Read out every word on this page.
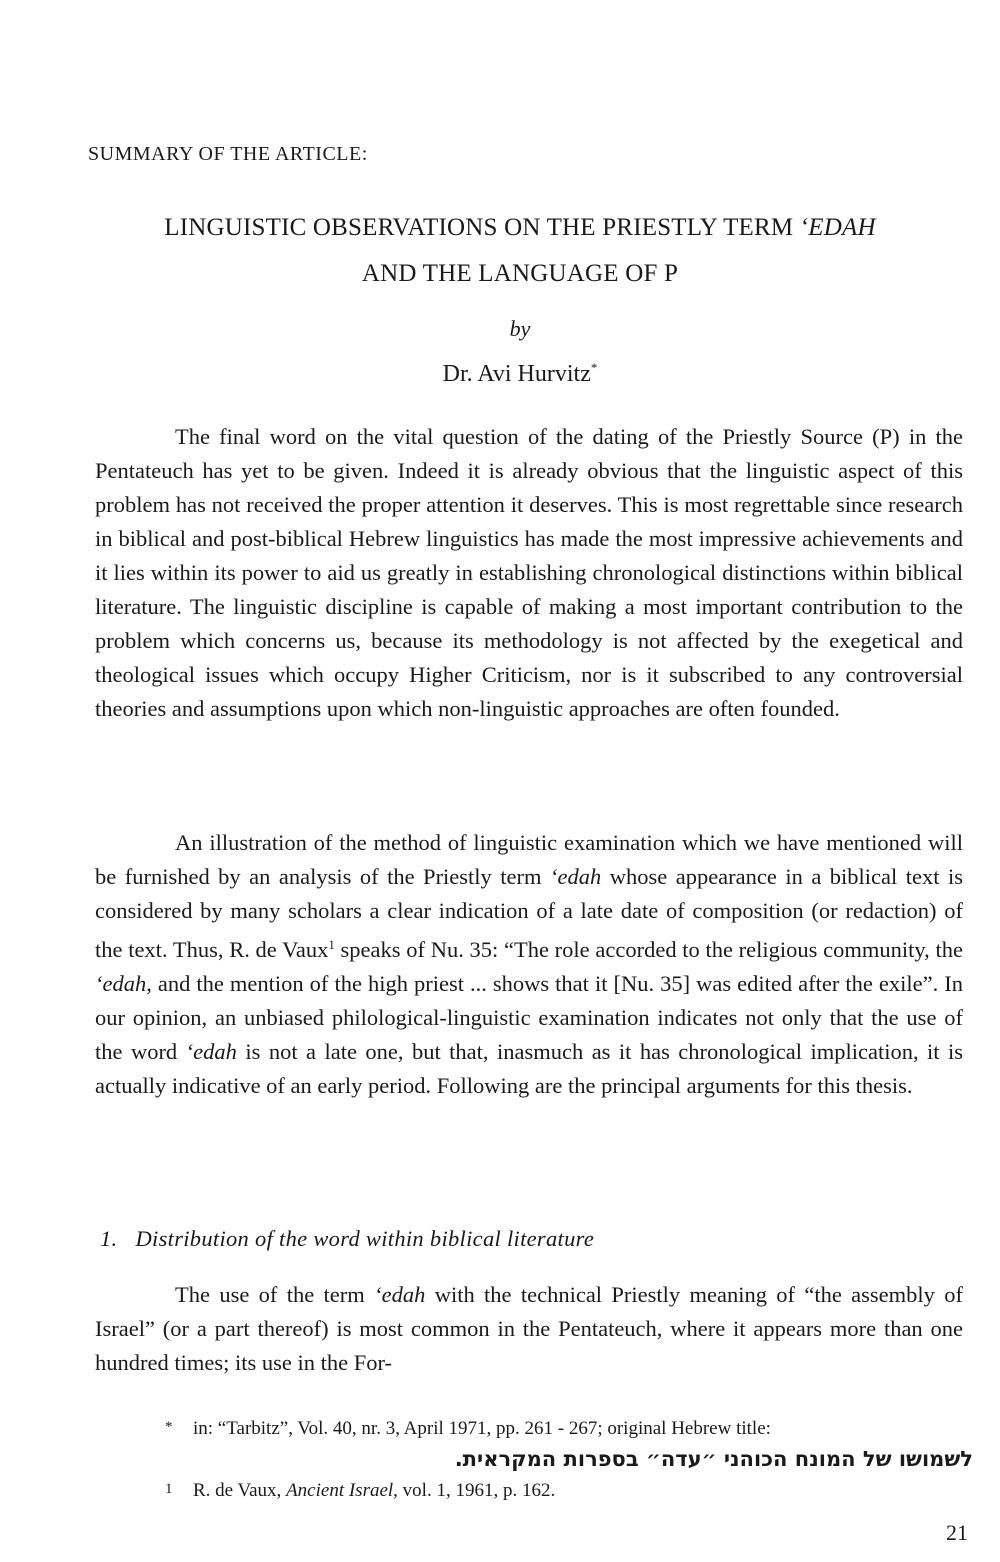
SUMMARY OF THE ARTICLE:
LINGUISTIC OBSERVATIONS ON THE PRIESTLY TERM ‘EDAH
AND THE LANGUAGE OF P
by
Dr. Avi Hurvitz*

The final word on the vital question of the dating of the Priestly Source (P) in the Pentateuch has yet to be given. Indeed it is already obvious that the linguistic aspect of this problem has not received the proper attention it deserves. This is most regrettable since research in biblical and post-biblical Hebrew linguistics has made the most impressive achievements and it lies within its power to aid us greatly in establishing chronological distinctions within biblical literature. The linguistic discipline is capable of making a most important contribution to the problem which concerns us, because its methodology is not affected by the exegetical and theological issues which occupy Higher Criticism, nor is it subscribed to any controversial theories and assumptions upon which non-linguistic approaches are often founded.

An illustration of the method of linguistic examination which we have mentioned will be furnished by an analysis of the Priestly term ‘edah whose appearance in a biblical text is considered by many scholars a clear indication of a late date of composition (or redaction) of the text. Thus, R. de Vaux$^1$ speaks of Nu. 35: “The role accorded to the religious community, the ‘edah, and the mention of the high priest ... shows that it [Nu. 35] was edited after the exile”. In our opinion, an unbiased philological-linguistic examination indicates not only that the use of the word ‘edah is not a late one, but that, inasmuch as it has chronological implication, it is actually indicative of an early period. Following are the principal arguments for this thesis.

1. Distribution of the word within biblical literature

The use of the term ‘edah with the technical Priestly meaning of “the assembly of Israel” (or a part thereof) is most common in the Pentateuch, where it appears more than one hundred times; its use in the For-

* in: “Tarbitz”, Vol. 40, nr. 3, April 1971, pp. 261 - 267; original Hebrew title:
לשמושו של המונח הכוהני ״עדה״ בספרות המקראית.
1 R. de Vaux, Ancient Israel, vol. 1, 1961, p. 162.
21
